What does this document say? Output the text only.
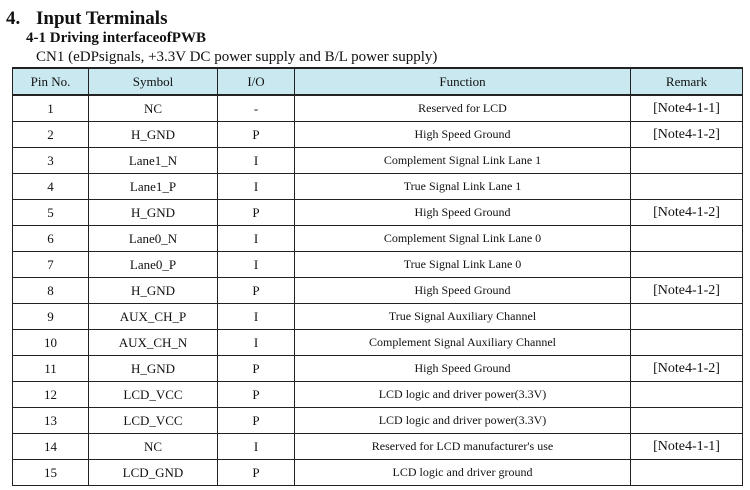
4. Input Terminals
4-1 Driving interfaceofPWB
CN1 (eDPsignals, +3.3V DC power supply and B/L power supply)
Pin No.	Symbol	I/O	Function	Remark
1	NC	-	Reserved for LCD	[Note4-1-1]
2	H_GND	P	High Speed Ground	[Note4-1-2]
3	Lane1_N	I	Complement Signal Link Lane 1	
4	Lane1_P	I	True Signal Link Lane 1	
5	H_GND	P	High Speed Ground	[Note4-1-2]
6	Lane0_N	I	Complement Signal Link Lane 0	
7	Lane0_P	I	True Signal Link Lane 0	
8	H_GND	P	High Speed Ground	[Note4-1-2]
9	AUX_CH_P	I	True Signal Auxiliary Channel	
10	AUX_CH_N	I	Complement Signal Auxiliary Channel	
11	H_GND	P	High Speed Ground	[Note4-1-2]
12	LCD_VCC	P	LCD logic and driver power(3.3V)	
13	LCD_VCC	P	LCD logic and driver power(3.3V)	
14	NC	I	Reserved for LCD manufacturer's use	[Note4-1-1]
15	LCD_GND	P	LCD logic and driver ground	
